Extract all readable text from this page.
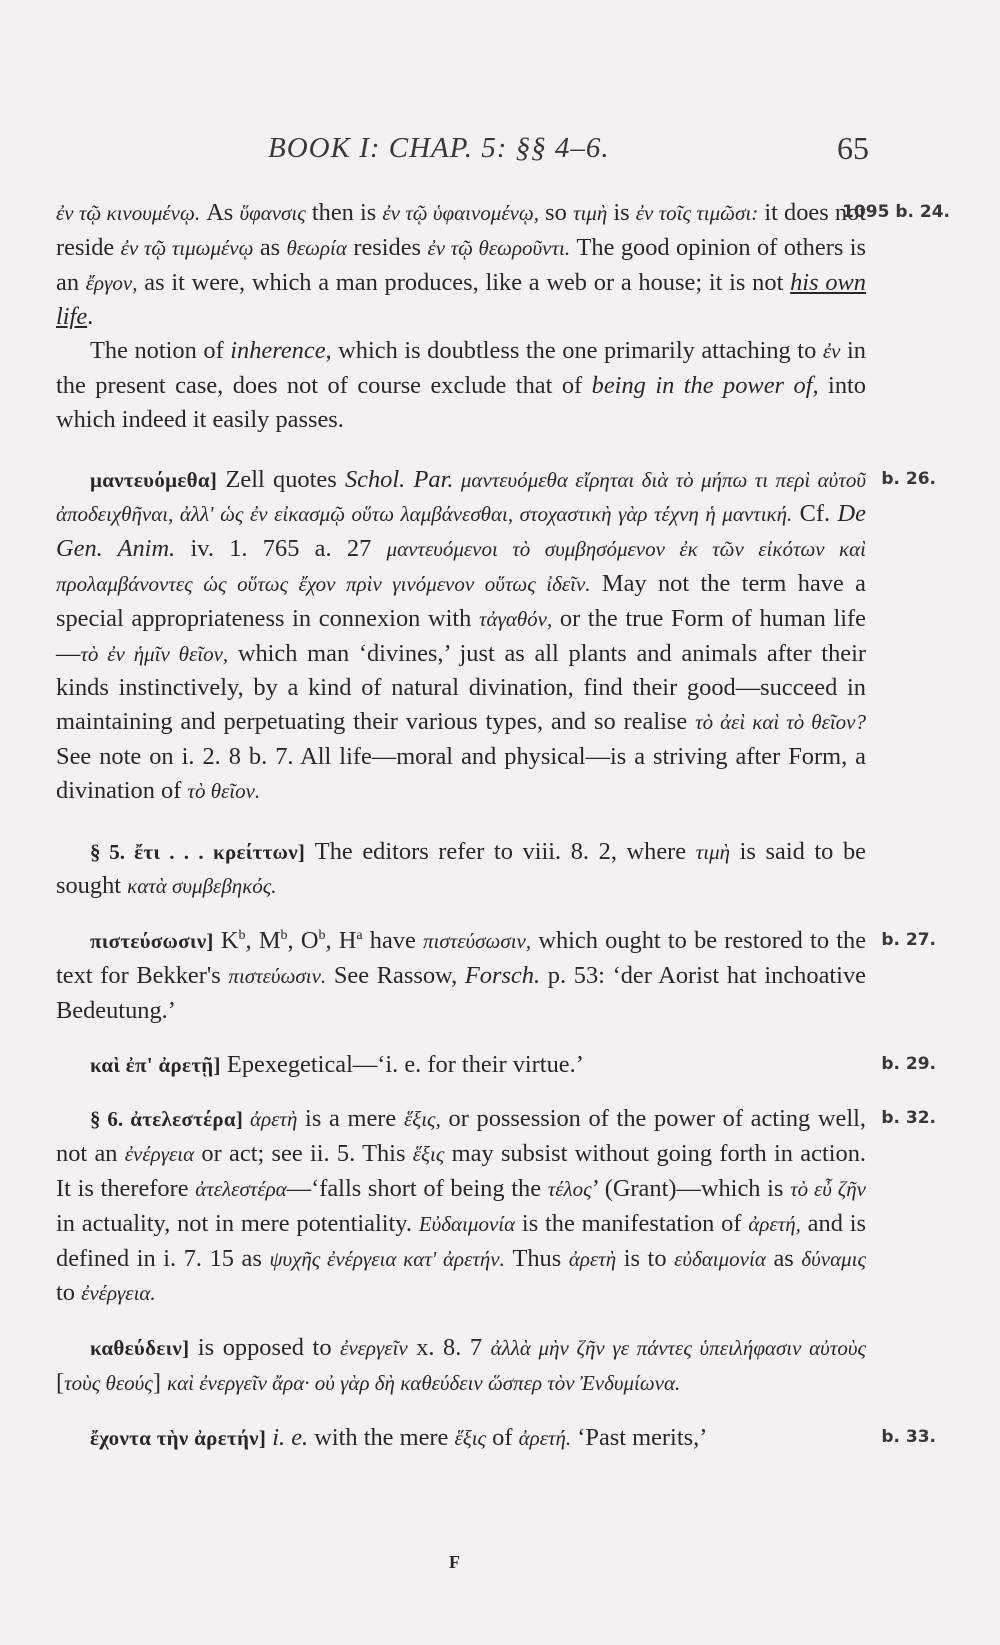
BOOK I: CHAP. 5: §§ 4–6.	65

ἐν τῷ κινουμένῳ. As ὕφανσις then is ἐν τῷ ὑφαινομένῳ, so τιμὴ is ἐν τοῖς τιμῶσι: it does not reside ἐν τῷ τιμωμένῳ as θεωρία resides ἐν τῷ θεωροῦντι. The good opinion of others is an ἔργον, as it were, which a man produces, like a web or a house; it is not his own life.
1095 b. 24.

The notion of inherence, which is doubtless the one primarily attaching to ἐν in the present case, does not of course exclude that of being in the power of, into which indeed it easily passes.

μαντευόμεθα] Zell quotes Schol. Par. μαντευόμεθα εἴρηται διὰ τὸ μήπω τι περὶ αὐτοῦ ἀποδειχθῆναι, ἀλλ' ὡς ἐν εἰκασμῷ οὕτω λαμβάνεσθαι, στοχαστικὴ γὰρ τέχνη ἡ μαντική. Cf. De Gen. Anim. iv. 1. 765 a. 27 μαντευόμενοι τὸ συμβησόμενον ἐκ τῶν εἰκότων καὶ προλαμβάνοντες ὡς οὕτως ἔχον πρὶν γινόμενον οὕτως ἰδεῖν. May not the term have a special appropriateness in connexion with τἀγαθόν, or the true Form of human life—τὸ ἐν ἡμῖν θεῖον, which man ‘divines,’ just as all plants and animals after their kinds instinctively, by a kind of natural divination, find their good—succeed in maintaining and perpetuating their various types, and so realise τὸ ἀεὶ καὶ τὸ θεῖον? See note on i. 2. 8 b. 7. All life—moral and physical—is a striving after Form, a divination of τὸ θεῖον.
b. 26.

§ 5. ἔτι . . . κρείττων] The editors refer to viii. 8. 2, where τιμὴ is said to be sought κατὰ συμβεβηκός.

πιστεύσωσιν] $K^b$, $M^b$, $O^b$, $H^a$ have πιστεύσωσιν, which ought to be restored to the text for Bekker's πιστεύωσιν. See Rassow, Forsch. p. 53: ‘der Aorist hat inchoative Bedeutung.’
b. 27.

καὶ ἐπ' ἀρετῇ] Epexegetical—‘i. e. for their virtue.’	b. 29.

§ 6. ἀτελεστέρα] ἀρετὴ is a mere ἕξις, or possession of the power of acting well, not an ἐνέργεια or act; see ii. 5. This ἕξις may subsist without going forth in action. It is therefore ἀτελεστέρα—‘falls short of being the τέλος’ (Grant)—which is τὸ εὖ ζῆν in actuality, not in mere potentiality. Εὐδαιμονία is the manifestation of ἀρετή, and is defined in i. 7. 15 as ψυχῆς ἐνέργεια κατ' ἀρετήν. Thus ἀρετὴ is to εὐδαιμονία as δύναμις to ἐνέργεια.
b. 32.

καθεύδειν] is opposed to ἐνεργεῖν x. 8. 7 ἀλλὰ μὴν ζῆν γε πάντες ὑπειλήφασιν αὐτοὺς [τοὺς θεούς] καὶ ἐνεργεῖν ἄρα· οὐ γὰρ δὴ καθεύδειν ὥσπερ τὸν Ἐνδυμίωνα.

ἔχοντα τὴν ἀρετήν] i. e. with the mere ἕξις of ἀρετή. ‘Past merits,’	b. 33.

F
